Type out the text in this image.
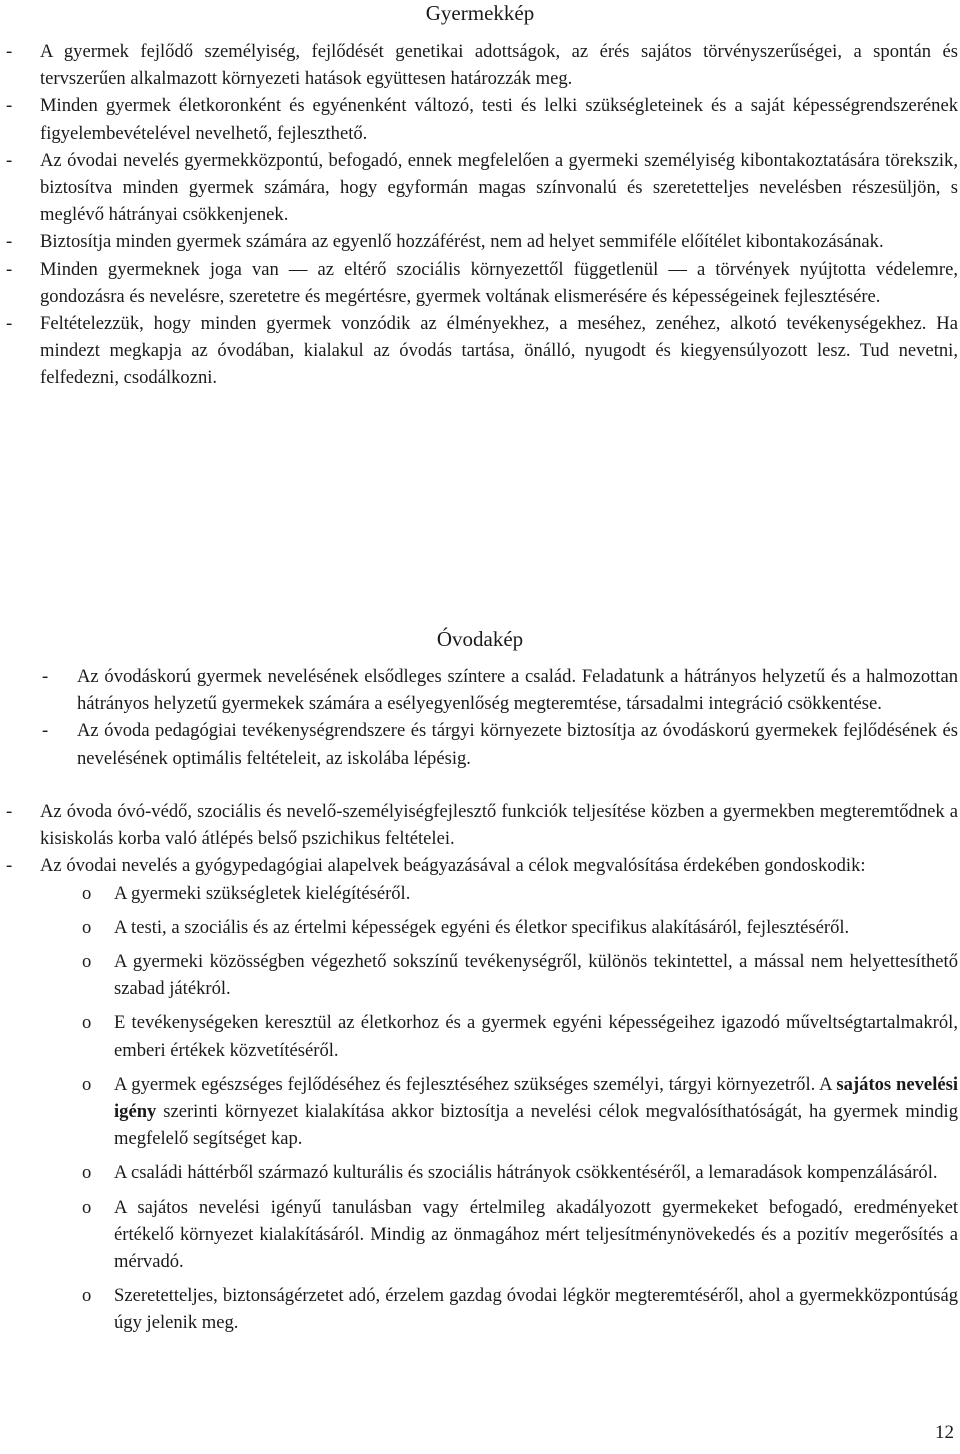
Gyermekkép
- A gyermek fejlődő személyiség, fejlődését genetikai adottságok, az érés sajátos törvényszerűségei, a spontán és tervszerűen alkalmazott környezeti hatások együttesen határozzák meg.
- Minden gyermek életkoronként és egyénenként változó, testi és lelki szükségleteinek és a saját képességrendszerének figyelembevételével nevelhető, fejleszthető.
- Az óvodai nevelés gyermekközpontú, befogadó, ennek megfelelően a gyermeki személyiség kibontakoztatására törekszik, biztosítva minden gyermek számára, hogy egyformán magas színvonalú és szeretetteljes nevelésben részesüljön, s meglévő hátrányai csökkenjenek.
- Biztosítja minden gyermek számára az egyenlő hozzáférést, nem ad helyet semmiféle előítélet kibontakozásának.
- Minden gyermeknek joga van — az eltérő szociális környezettől függetlenül — a törvények nyújtotta védelemre, gondozásra és nevelésre, szeretetre és megértésre, gyermek voltának elismerésére és képességeinek fejlesztésére.
- Feltételezzük, hogy minden gyermek vonzódik az élményekhez, a meséhez, zenéhez, alkotó tevékenységekhez. Ha mindezt megkapja az óvodában, kialakul az óvodás tartása, önálló, nyugodt és kiegyensúlyozott lesz. Tud nevetni, felfedezni, csodálkozni.
Óvodakép
- Az óvodáskorú gyermek nevelésének elsődleges színtere a család. Feladatunk a hátrányos helyzetű és a halmozottan hátrányos helyzetű gyermekek számára a esélyegyenlőség megteremtése, társadalmi integráció csökkentése.
- Az óvoda pedagógiai tevékenységrendszere és tárgyi környezete biztosítja az óvodáskorú gyermekek fejlődésének és nevelésének optimális feltételeit, az iskolába lépésig.
- Az óvoda óvó-védő, szociális és nevelő-személyiségfejlesztő funkciók teljesítése közben a gyermekben megteremtődnek a kisiskolás korba való átlépés belső pszichikus feltételei.
- Az óvodai nevelés a gyógypedagógiai alapelvek beágyazásával a célok megvalósítása érdekében gondoskodik:
o A gyermeki szükségletek kielégítéséről.
o A testi, a szociális és az értelmi képességek egyéni és életkor specifikus alakításáról, fejlesztéséről.
o A gyermeki közösségben végezhető sokszínű tevékenységről, különös tekintettel, a mással nem helyettesíthető szabad játékról.
o E tevékenységeken keresztül az életkorhoz és a gyermek egyéni képességeihez igazodó műveltségtartalmakról, emberi értékek közvetítéséről.
o A gyermek egészséges fejlődéséhez és fejlesztéséhez szükséges személyi, tárgyi környezetről. A sajátos nevelési igény szerinti környezet kialakítása akkor biztosítja a nevelési célok megvalósíthatóságát, ha gyermek mindig megfelelő segítséget kap.
o A családi háttérből származó kulturális és szociális hátrányok csökkentéséről, a lemaradások kompenzálásáról.
o A sajátos nevelési igényű tanulásban vagy értelmileg akadályozott gyermekeket befogadó, eredményeket értékelő környezet kialakításáról. Mindig az önmagához mért teljesítménynövekedés és a pozitív megerősítés a mérvadó.
o Szeretetteljes, biztonságérzetet adó, érzelem gazdag óvodai légkör megteremtéséről, ahol a gyermekközpontúság úgy jelenik meg.
12
